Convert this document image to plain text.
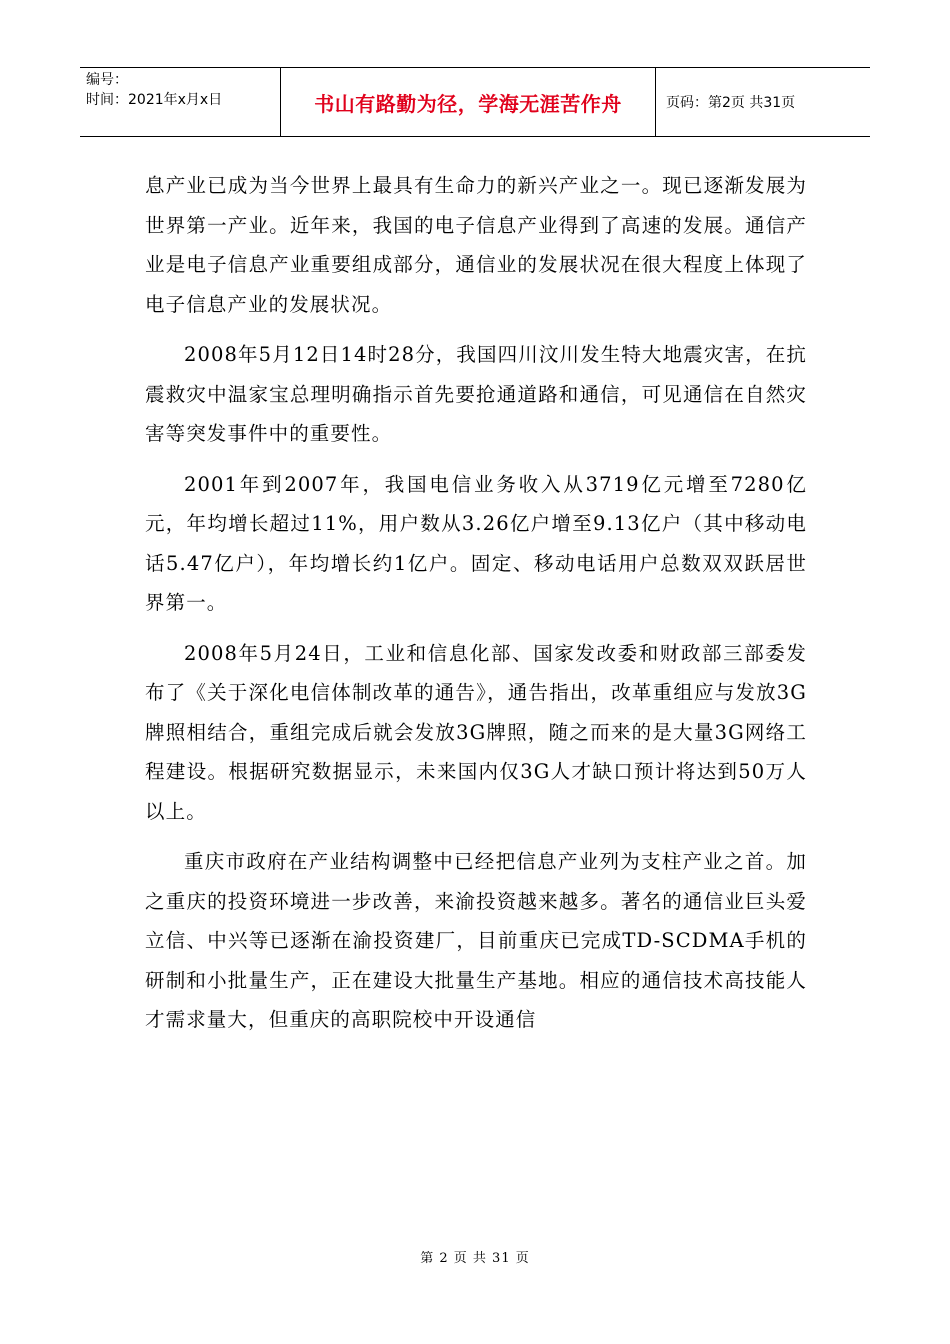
编号：
时间：2021年x月x日	书山有路勤为径，学海无涯苦作舟	页码：第2页 共31页

息产业已成为当今世界上最具有生命力的新兴产业之一。现已逐渐发展为世界第一产业。近年来，我国的电子信息产业得到了高速的发展。通信产业是电子信息产业重要组成部分，通信业的发展状况在很大程度上体现了电子信息产业的发展状况。

2008年5月12日14时28分，我国四川汶川发生特大地震灾害，在抗震救灾中温家宝总理明确指示首先要抢通道路和通信，可见通信在自然灾害等突发事件中的重要性。

2001年到2007年，我国电信业务收入从3719亿元增至7280亿元，年均增长超过11%，用户数从3.26亿户增至9.13亿户（其中移动电话5.47亿户），年均增长约1亿户。固定、移动电话用户总数双双跃居世界第一。

2008年5月24日，工业和信息化部、国家发改委和财政部三部委发布了《关于深化电信体制改革的通告》，通告指出，改革重组应与发放3G牌照相结合，重组完成后就会发放3G牌照，随之而来的是大量3G网络工程建设。根据研究数据显示，未来国内仅3G人才缺口预计将达到50万人以上。

重庆市政府在产业结构调整中已经把信息产业列为支柱产业之首。加之重庆的投资环境进一步改善，来渝投资越来越多。著名的通信业巨头爱立信、中兴等已逐渐在渝投资建厂，目前重庆已完成TD-SCDMA手机的研制和小批量生产，正在建设大批量生产基地。相应的通信技术高技能人才需求量大，但重庆的高职院校中开设通信

第 2 页 共 31 页
